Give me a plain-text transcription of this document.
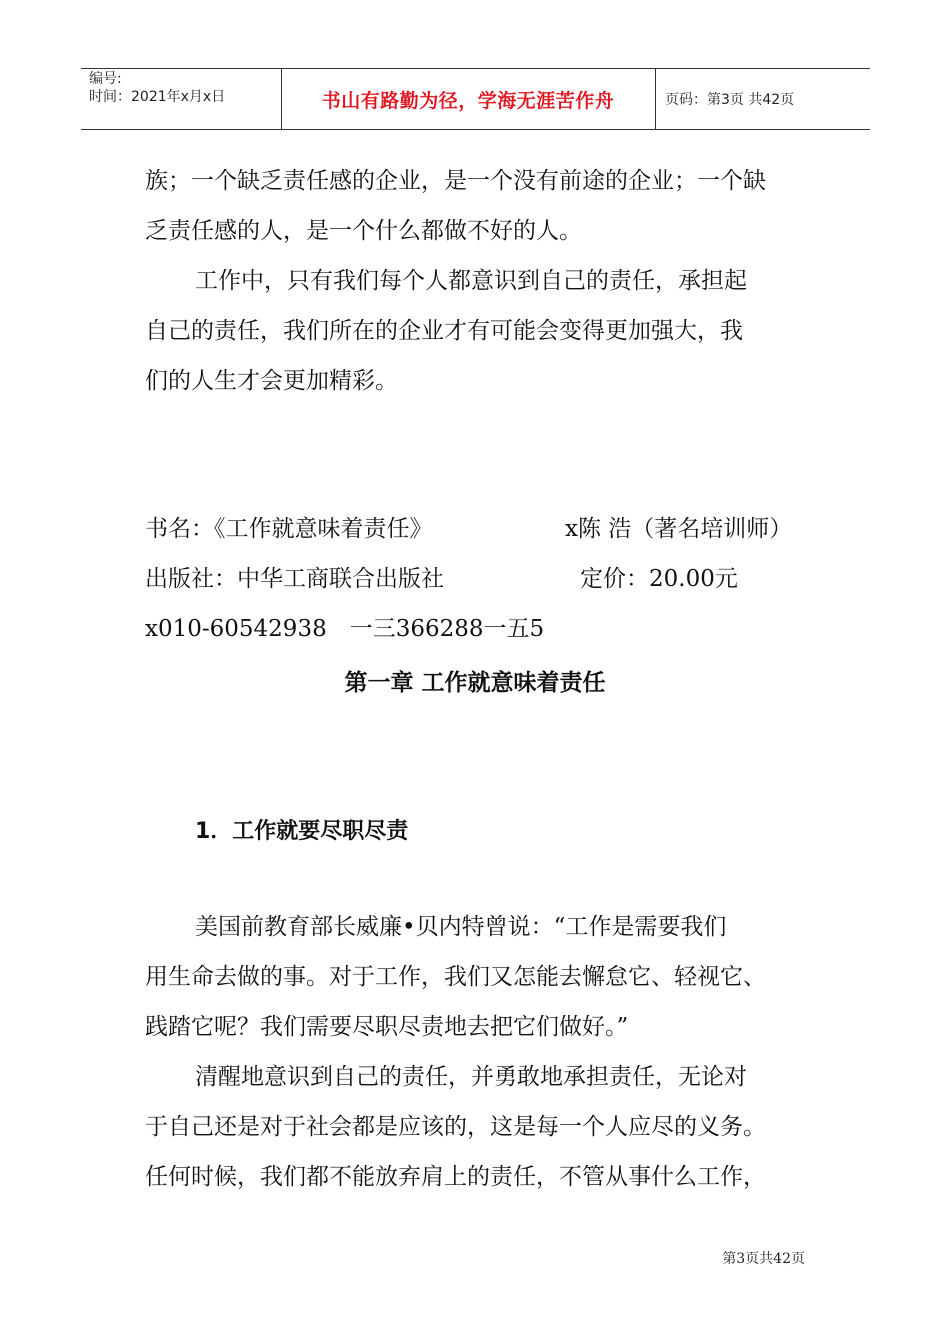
编号:
时间：2021年x月x日	书山有路勤为径，学海无涯苦作舟	页码：第3页 共42页
族；一个缺乏责任感的企业，是一个没有前途的企业；一个缺
乏责任感的人，是一个什么都做不好的人。
工作中，只有我们每个人都意识到自己的责任，承担起
自己的责任，我们所在的企业才有可能会变得更加强大，我
们的人生才会更加精彩。
书名：《工作就意味着责任》	x陈 浩（著名培训师）
出版社：中华工商联合出版社	定价：20.00元
x010-60542938　一三366288一五5
第一章 工作就意味着责任
1．工作就要尽职尽责
美国前教育部长威廉•贝内特曾说：“工作是需要我们
用生命去做的事。对于工作，我们又怎能去懈怠它、轻视它、
践踏它呢？我们需要尽职尽责地去把它们做好。”
清醒地意识到自己的责任，并勇敢地承担责任，无论对
于自己还是对于社会都是应该的，这是每一个人应尽的义务。
任何时候，我们都不能放弃肩上的责任，不管从事什么工作，
第3页共42页
